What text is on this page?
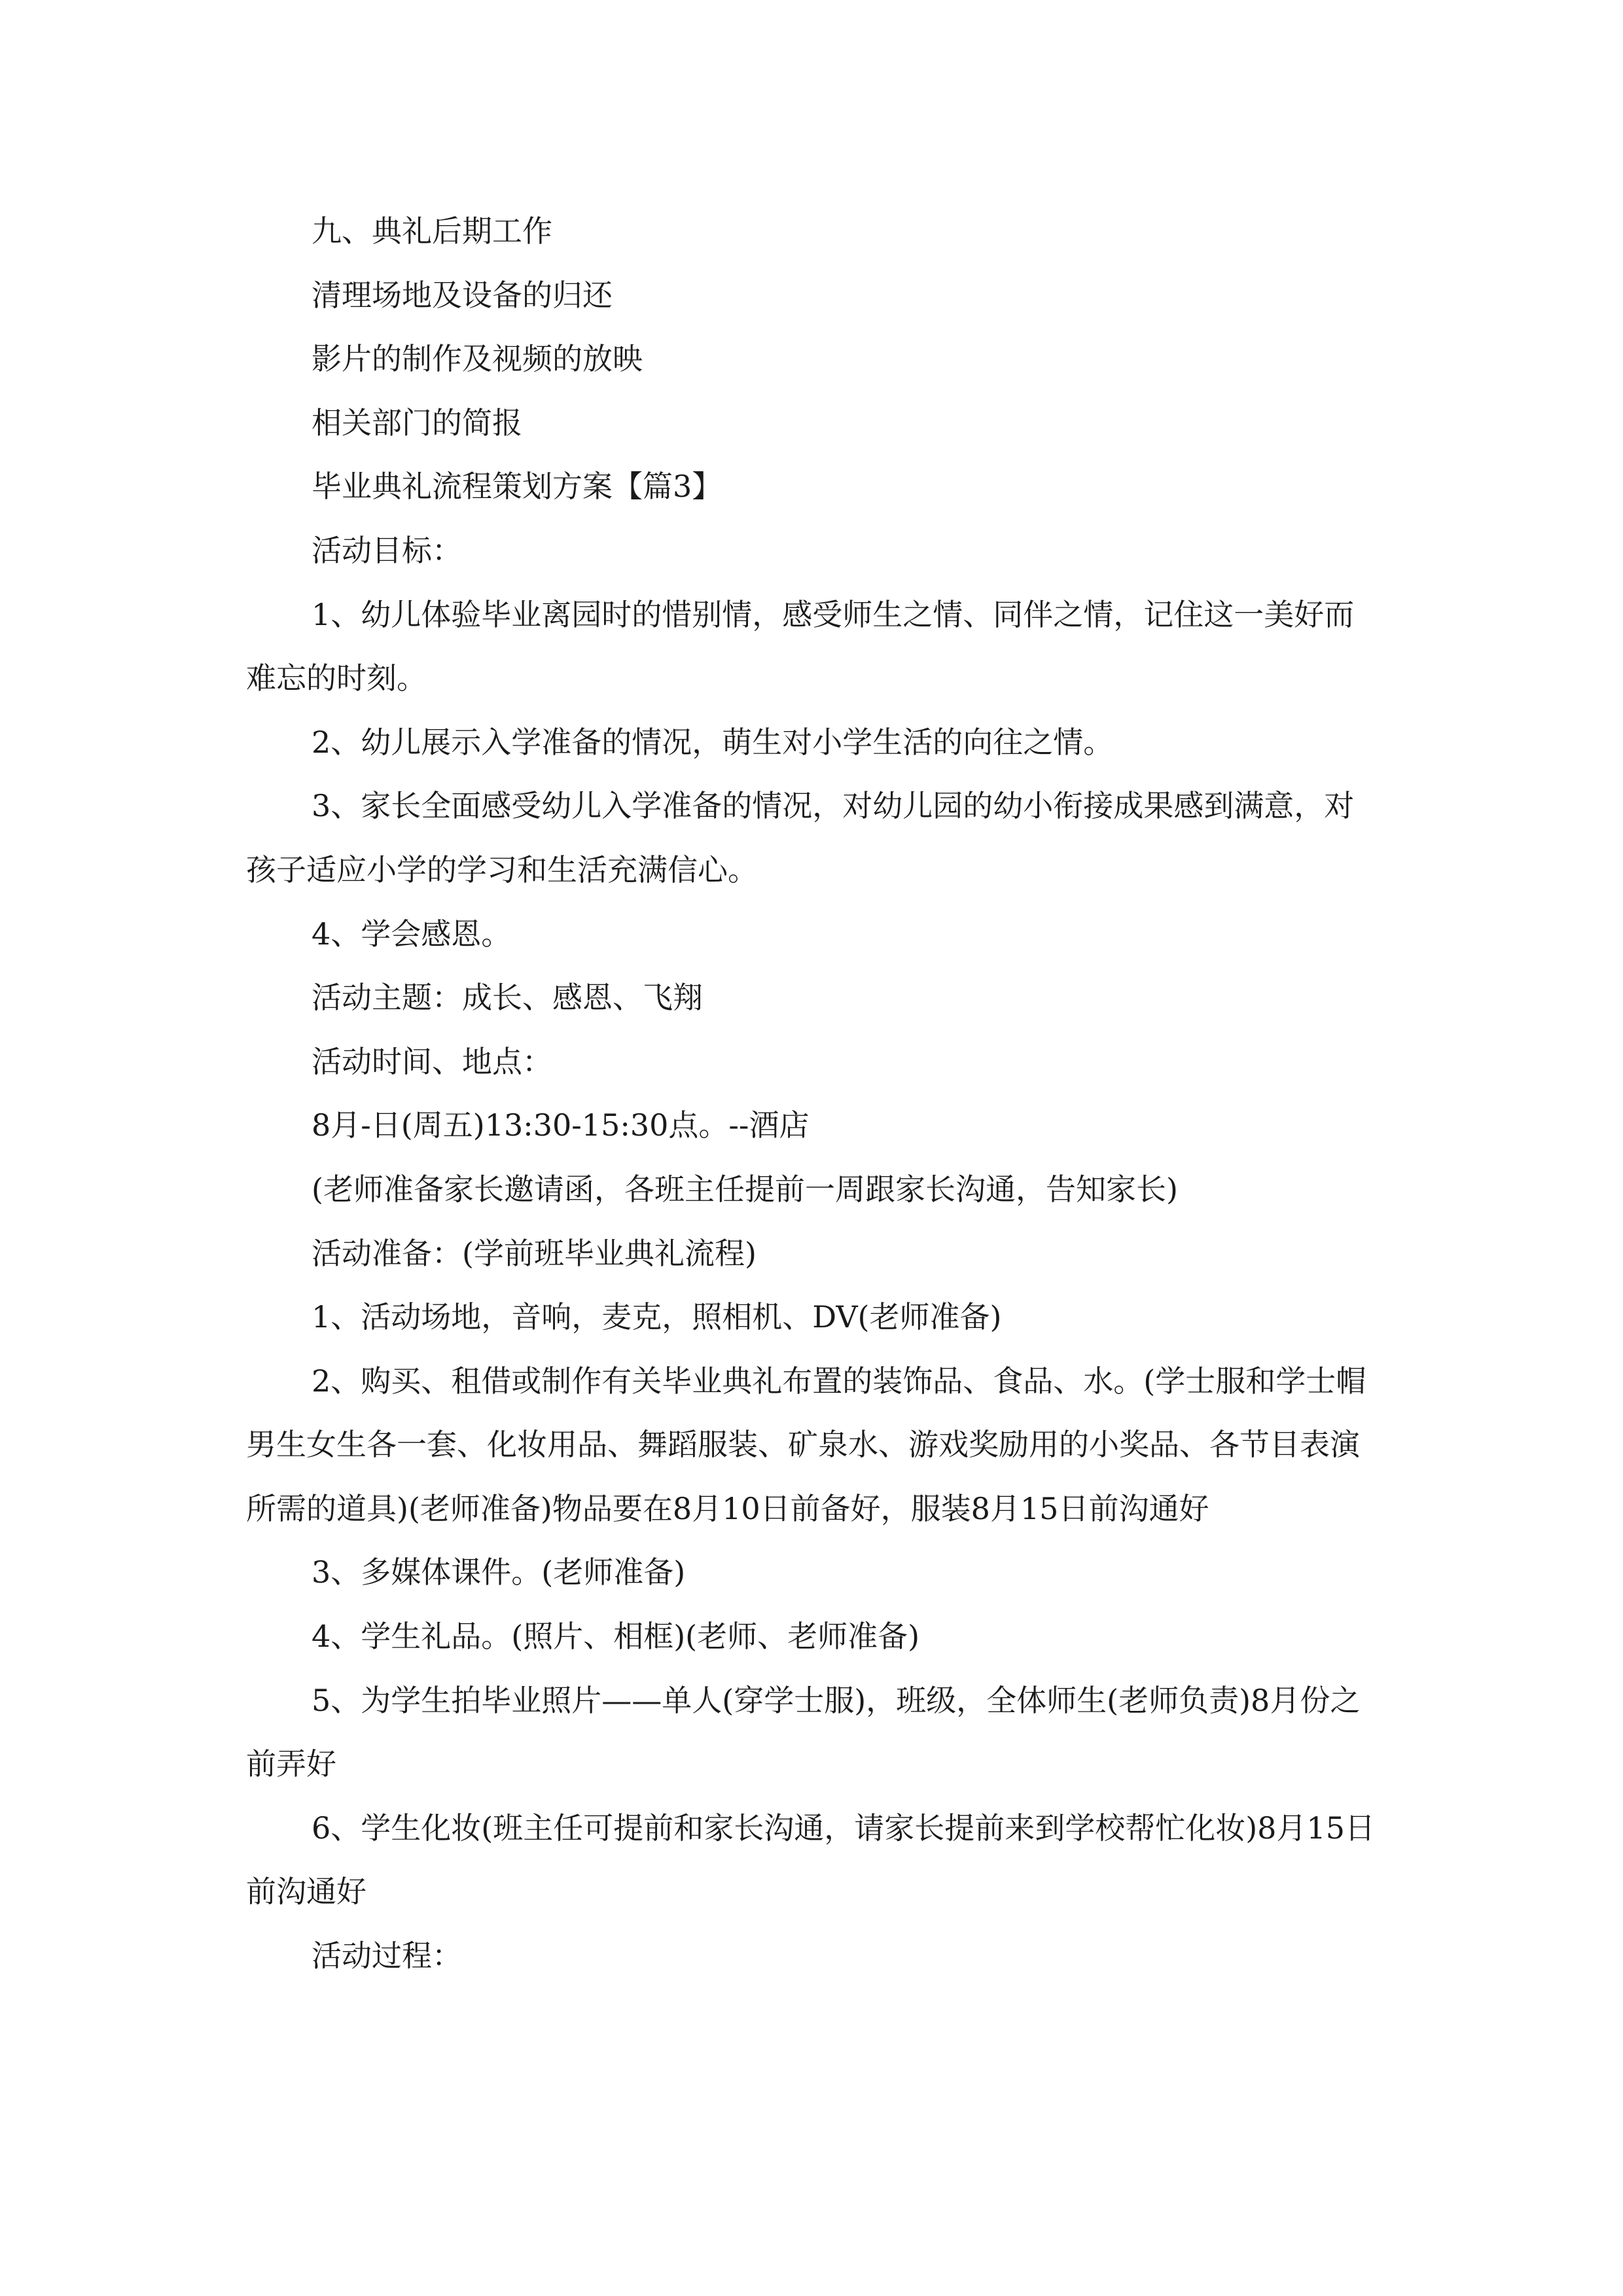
九、典礼后期工作

清理场地及设备的归还

影片的制作及视频的放映

相关部门的简报

毕业典礼流程策划方案【篇3】

活动目标：

1、幼儿体验毕业离园时的惜别情，感受师生之情、同伴之情，记住这一美好而难忘的时刻。

2、幼儿展示入学准备的情况，萌生对小学生活的向往之情。

3、家长全面感受幼儿入学准备的情况，对幼儿园的幼小衔接成果感到满意，对孩子适应小学的学习和生活充满信心。

4、学会感恩。

活动主题：成长、感恩、飞翔

活动时间、地点：

8月-日(周五)13:30-15:30点。--酒店

(老师准备家长邀请函，各班主任提前一周跟家长沟通，告知家长)

活动准备：(学前班毕业典礼流程)

1、活动场地，音响，麦克，照相机、DV(老师准备)

2、购买、租借或制作有关毕业典礼布置的装饰品、食品、水。(学士服和学士帽男生女生各一套、化妆用品、舞蹈服装、矿泉水、游戏奖励用的小奖品、各节目表演所需的道具)(老师准备)物品要在8月10日前备好，服装8月15日前沟通好

3、多媒体课件。(老师准备)

4、学生礼品。(照片、相框)(老师、老师准备)

5、为学生拍毕业照片——单人(穿学士服)，班级，全体师生(老师负责)8月份之前弄好

6、学生化妆(班主任可提前和家长沟通，请家长提前来到学校帮忙化妆)8月15日前沟通好

活动过程：
